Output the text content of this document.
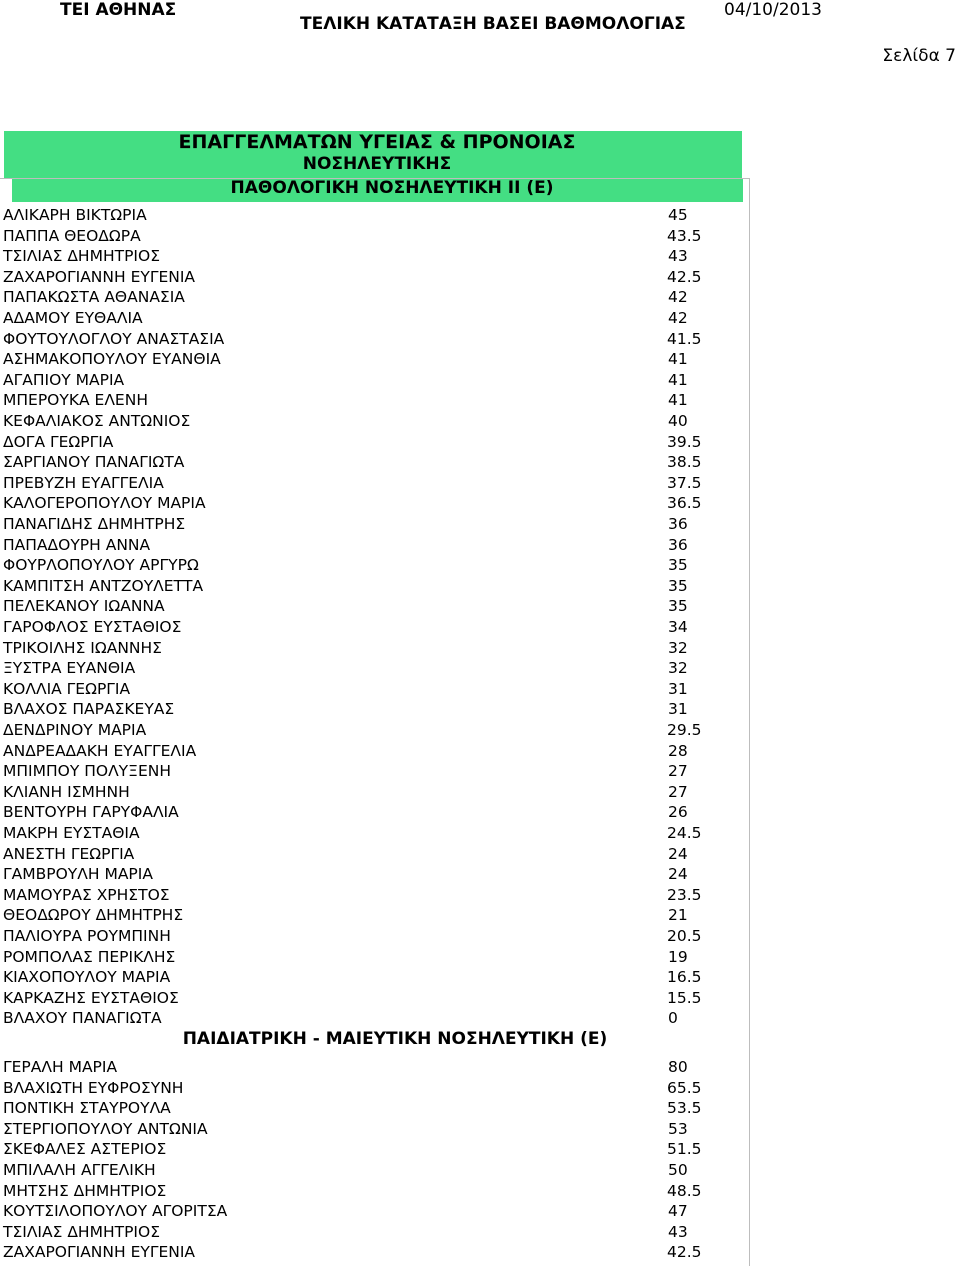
ΤΕΙ ΑΘΗΝΑΣ
ΤΕΛΙΚΗ ΚΑΤΑΤΑΞΗ ΒΑΣΕΙ ΒΑΘΜΟΛΟΓΙΑΣ
04/10/2013
Σελίδα 7
ΕΠΑΓΓΕΛΜΑΤΩΝ ΥΓΕΙΑΣ & ΠΡΟΝΟΙΑΣ
ΝΟΣΗΛΕΥΤΙΚΗΣ
ΠΑΘΟΛΟΓΙΚΗ ΝΟΣΗΛΕΥΤΙΚΗ ΙΙ (Ε)
ΑΛΙΚΑΡΗ ΒΙΚΤΩΡΙΑ	45
ΠΑΠΠΑ ΘΕΟΔΩΡΑ	43.5
ΤΣΙΛΙΑΣ ΔΗΜΗΤΡΙΟΣ	43
ΖΑΧΑΡΟΓΙΑΝΝΗ ΕΥΓΕΝΙΑ	42.5
ΠΑΠΑΚΩΣΤΑ ΑΘΑΝΑΣΙΑ	42
ΑΔΑΜΟΥ ΕΥΘΑΛΙΑ	42
ΦΟΥΤΟΥΛΟΓΛΟΥ ΑΝΑΣΤΑΣΙΑ	41.5
ΑΣΗΜΑΚΟΠΟΥΛΟΥ ΕΥΑΝΘΙΑ	41
ΑΓΑΠΙΟΥ ΜΑΡΙΑ	41
ΜΠΕΡΟΥΚΑ ΕΛΕΝΗ	41
ΚΕΦΑΛΙΑΚΟΣ ΑΝΤΩΝΙΟΣ	40
ΔΟΓΑ ΓΕΩΡΓΙΑ	39.5
ΣΑΡΓΙΑΝΟΥ ΠΑΝΑΓΙΩΤΑ	38.5
ΠΡΕΒΥΖΗ ΕΥΑΓΓΕΛΙΑ	37.5
ΚΑΛΟΓΕΡΟΠΟΥΛΟΥ ΜΑΡΙΑ	36.5
ΠΑΝΑΓΙΔΗΣ ΔΗΜΗΤΡΗΣ	36
ΠΑΠΑΔΟΥΡΗ ΑΝΝΑ	36
ΦΟΥΡΛΟΠΟΥΛΟΥ ΑΡΓΥΡΩ	35
ΚΑΜΠΙΤΣΗ ΑΝΤΖΟΥΛΕΤΤΑ	35
ΠΕΛΕΚΑΝΟΥ ΙΩΑΝΝΑ	35
ΓΑΡΟΦΛΟΣ ΕΥΣΤΑΘΙΟΣ	34
ΤΡΙΚΟΙΛΗΣ ΙΩΑΝΝΗΣ	32
ΞΥΣΤΡΑ ΕΥΑΝΘΙΑ	32
ΚΟΛΛΙΑ ΓΕΩΡΓΙΑ	31
ΒΛΑΧΟΣ ΠΑΡΑΣΚΕΥΑΣ	31
ΔΕΝΔΡΙΝΟΥ ΜΑΡΙΑ	29.5
ΑΝΔΡΕΑΔΑΚΗ ΕΥΑΓΓΕΛΙΑ	28
ΜΠΙΜΠΟΥ ΠΟΛΥΞΕΝΗ	27
ΚΛΙΑΝΗ ΙΣΜΗΝΗ	27
ΒΕΝΤΟΥΡΗ ΓΑΡΥΦΑΛΙΑ	26
ΜΑΚΡΗ ΕΥΣΤΑΘΙΑ	24.5
ΑΝΕΣΤΗ ΓΕΩΡΓΙΑ	24
ΓΑΜΒΡΟΥΛΗ ΜΑΡΙΑ	24
ΜΑΜΟΥΡΑΣ ΧΡΗΣΤΟΣ	23.5
ΘΕΟΔΩΡΟΥ ΔΗΜΗΤΡΗΣ	21
ΠΑΛΙΟΥΡΑ ΡΟΥΜΠΙΝΗ	20.5
ΡΟΜΠΟΛΑΣ ΠΕΡΙΚΛΗΣ	19
ΚΙΑΧΟΠΟΥΛΟΥ ΜΑΡΙΑ	16.5
ΚΑΡΚΑΖΗΣ ΕΥΣΤΑΘΙΟΣ	15.5
ΒΛΑΧΟΥ ΠΑΝΑΓΙΩΤΑ	0
ΠΑΙΔΙΑΤΡΙΚΗ - ΜΑΙΕΥΤΙΚΗ ΝΟΣΗΛΕΥΤΙΚΗ (Ε)
ΓΕΡΑΛΗ ΜΑΡΙΑ	80
ΒΛΑΧΙΩΤΗ ΕΥΦΡΟΣΥΝΗ	65.5
ΠΟΝΤΙΚΗ ΣΤΑΥΡΟΥΛΑ	53.5
ΣΤΕΡΓΙΟΠΟΥΛΟΥ ΑΝΤΩΝΙΑ	53
ΣΚΕΦΑΛΕΣ ΑΣΤΕΡΙΟΣ	51.5
ΜΠΙΛΑΛΗ ΑΓΓΕΛΙΚΗ	50
ΜΗΤΣΗΣ ΔΗΜΗΤΡΙΟΣ	48.5
ΚΟΥΤΣΙΛΟΠΟΥΛΟΥ ΑΓΟΡΙΤΣΑ	47
ΤΣΙΛΙΑΣ ΔΗΜΗΤΡΙΟΣ	43
ΖΑΧΑΡΟΓΙΑΝΝΗ ΕΥΓΕΝΙΑ	42.5
